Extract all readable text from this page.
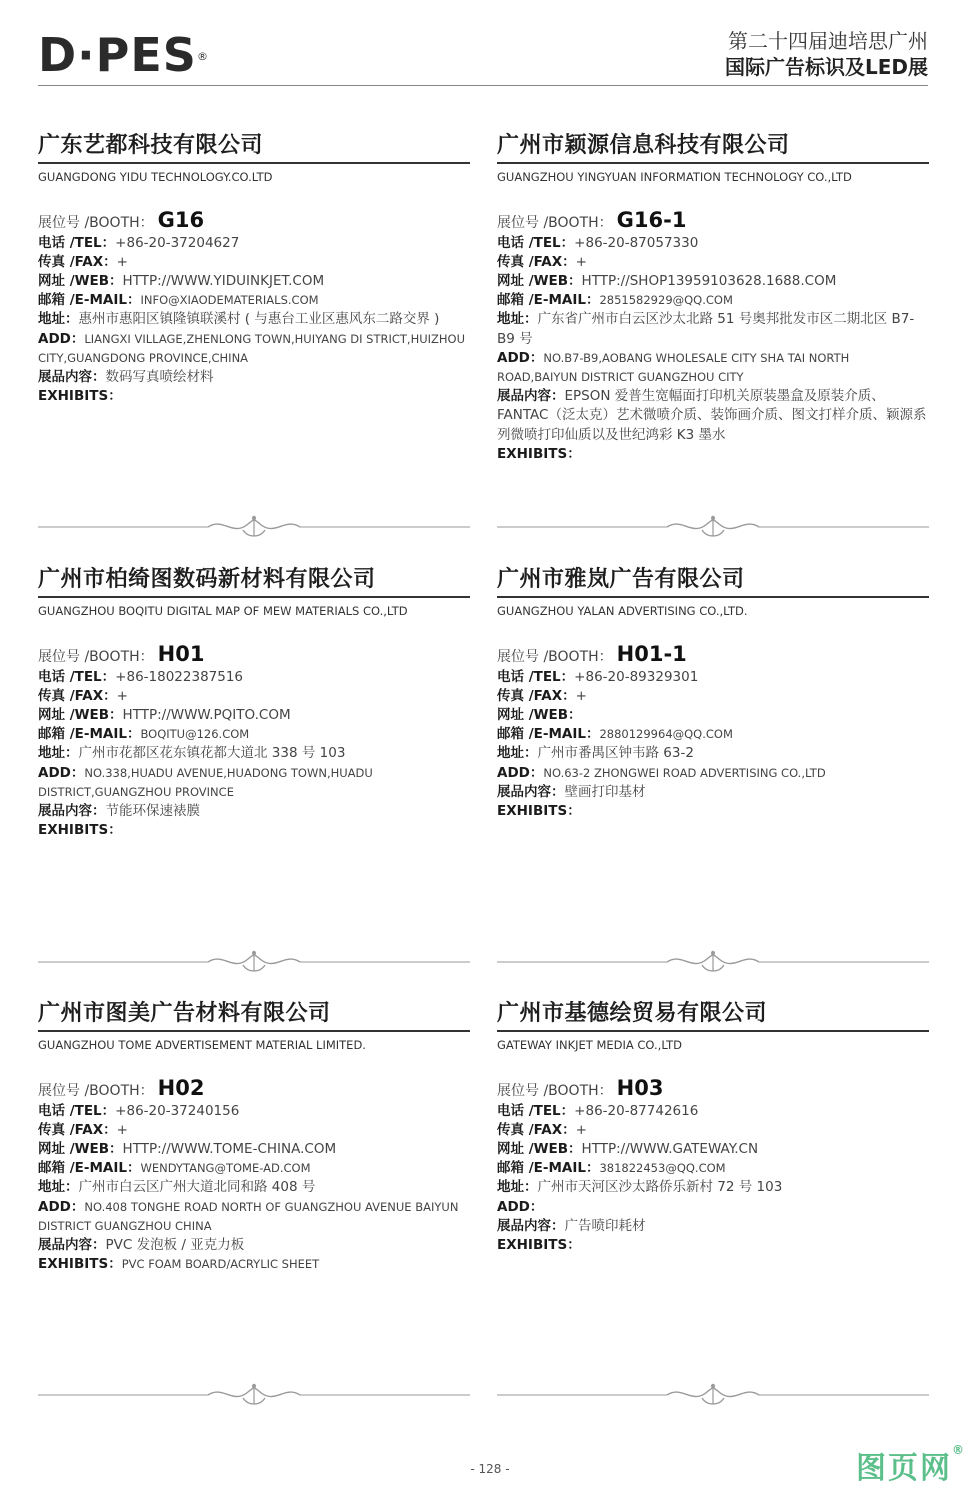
D·PES®
第二十四届迪培思广州
国际广告标识及LED展
广东艺都科技有限公司
GUANGDONG YIDU TECHNOLOGY.CO.LTD
展位号 /BOOTH： G16
电话 /TEL：+86-20-37204627
传真 /FAX：+
网址 /WEB：HTTP://WWW.YIDUINKJET.COM
邮箱 /E-MAIL：INFO@XIAODEMATERIALS.COM
地址：惠州市惠阳区镇隆镇联溪村 ( 与惠台工业区惠风东二路交界 )
ADD：LIANGXI VILLAGE,ZHENLONG TOWN,HUIYANG DI STRICT,HUIZHOU CITY,GUANGDONG PROVINCE,CHINA
展品内容：数码写真喷绘材料
EXHIBITS：
广州市颖源信息科技有限公司
GUANGZHOU YINGYUAN INFORMATION TECHNOLOGY CO.,LTD
展位号 /BOOTH： G16-1
电话 /TEL：+86-20-87057330
传真 /FAX：+
网址 /WEB：HTTP://SHOP13959103628.1688.COM
邮箱 /E-MAIL：2851582929@QQ.COM
地址：广东省广州市白云区沙太北路 51 号奥邦批发市区二期北区 B7-B9 号
ADD：NO.B7-B9,AOBANG WHOLESALE CITY SHA TAI NORTH ROAD,BAIYUN DISTRICT GUANGZHOU CITY
展品内容：EPSON 爱普生宽幅面打印机关原装墨盒及原装介质、FANTAC（泛太克）艺术微喷介质、装饰画介质、图文打样介质、颖源系列微喷打印仙质以及世纪鸿彩 K3 墨水
EXHIBITS：
广州市柏绮图数码新材料有限公司
GUANGZHOU BOQITU DIGITAL MAP OF MEW MATERIALS CO.,LTD
展位号 /BOOTH： H01
电话 /TEL：+86-18022387516
传真 /FAX：+
网址 /WEB：HTTP://WWW.PQITO.COM
邮箱 /E-MAIL：BOQITU@126.COM
地址：广州市花都区花东镇花都大道北 338 号 103
ADD：NO.338,HUADU AVENUE,HUADONG TOWN,HUADU DISTRICT,GUANGZHOU PROVINCE
展品内容：节能环保速裱膜
EXHIBITS：
广州市雅岚广告有限公司
GUANGZHOU YALAN ADVERTISING CO.,LTD.
展位号 /BOOTH： H01-1
电话 /TEL：+86-20-89329301
传真 /FAX：+
网址 /WEB：
邮箱 /E-MAIL：2880129964@QQ.COM
地址：广州市番禺区钟韦路 63-2
ADD：NO.63-2 ZHONGWEI ROAD ADVERTISING CO.,LTD
展品内容：壁画打印基材
EXHIBITS：
广州市图美广告材料有限公司
GUANGZHOU TOME ADVERTISEMENT MATERIAL LIMITED.
展位号 /BOOTH： H02
电话 /TEL：+86-20-37240156
传真 /FAX：+
网址 /WEB：HTTP://WWW.TOME-CHINA.COM
邮箱 /E-MAIL：WENDYTANG@TOME-AD.COM
地址：广州市白云区广州大道北同和路 408 号
ADD：NO.408 TONGHE ROAD NORTH OF GUANGZHOU AVENUE BAIYUN DISTRICT GUANGZHOU CHINA
展品内容：PVC 发泡板 / 亚克力板
EXHIBITS：PVC FOAM BOARD/ACRYLIC SHEET
广州市基德绘贸易有限公司
GATEWAY INKJET MEDIA CO.,LTD
展位号 /BOOTH： H03
电话 /TEL：+86-20-87742616
传真 /FAX：+
网址 /WEB：HTTP://WWW.GATEWAY.CN
邮箱 /E-MAIL：381822453@QQ.COM
地址：广州市天河区沙太路侨乐新村 72 号 103
ADD：
展品内容：广告喷印耗材
EXHIBITS：
- 128 -	图页网®
